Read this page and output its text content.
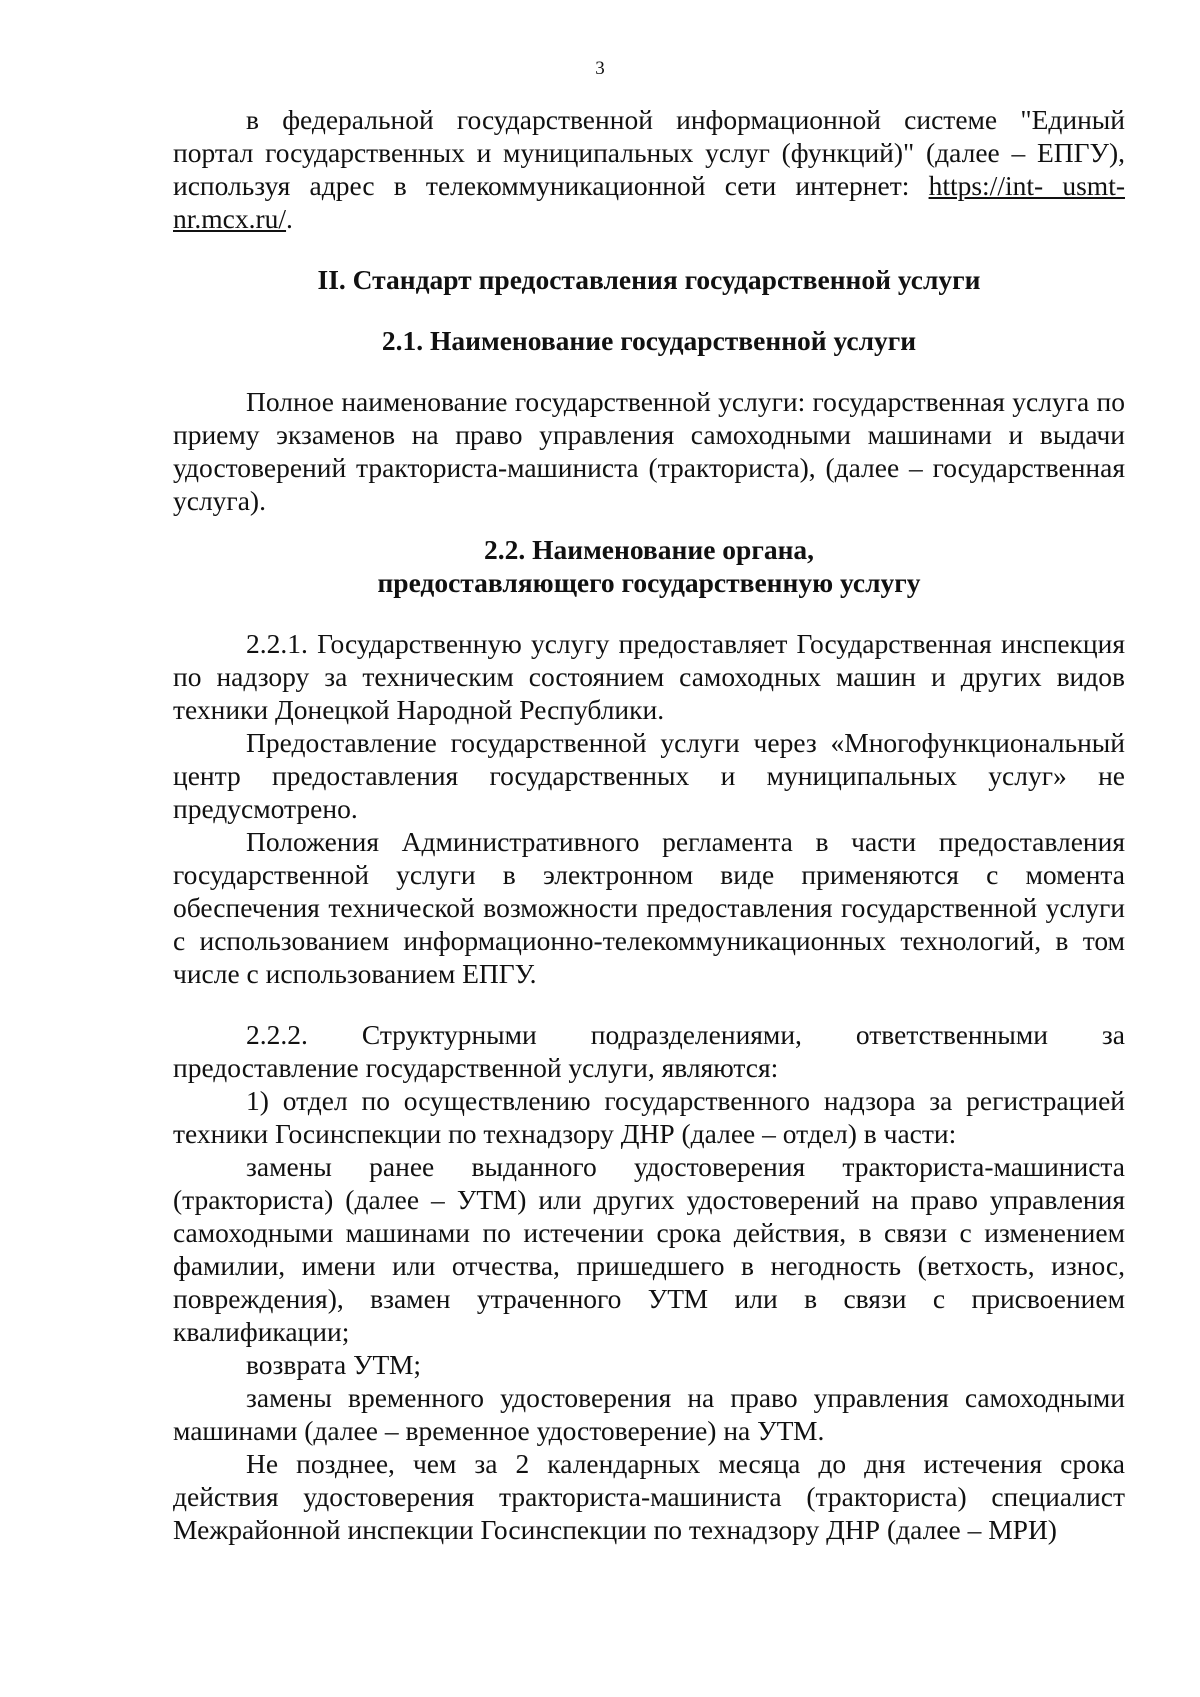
3

в федеральной государственной информационной системе "Единый портал государственных и муниципальных услуг (функций)" (далее – ЕПГУ), используя адрес в телекоммуникационной сети интернет: https://int- usmt-nr.mcx.ru/.

II. Стандарт предоставления государственной услуги
2.1. Наименование государственной услуги

Полное наименование государственной услуги: государственная услуга по приему экзаменов на право управления самоходными машинами и выдачи удостоверений тракториста-машиниста (тракториста), (далее – государственная услуга).

2.2. Наименование органа,
предоставляющего государственную услугу

2.2.1. Государственную услугу предоставляет Государственная инспекция по надзору за техническим состоянием самоходных машин и других видов техники Донецкой Народной Республики.

Предоставление государственной услуги через «Многофункциональный центр предоставления государственных и муниципальных услуг» не предусмотрено.

Положения Административного регламента в части предоставления государственной услуги в электронном виде применяются с момента обеспечения технической возможности предоставления государственной услуги с использованием информационно-телекоммуникационных технологий, в том числе с использованием ЕПГУ.

2.2.2. Структурными подразделениями, ответственными за предоставление государственной услуги, являются:

1) отдел по осуществлению государственного надзора за регистрацией техники Госинспекции по технадзору ДНР (далее – отдел) в части:

замены ранее выданного удостоверения тракториста-машиниста (тракториста) (далее – УТМ) или других удостоверений на право управления самоходными машинами по истечении срока действия, в связи с изменением фамилии, имени или отчества, пришедшего в негодность (ветхость, износ, повреждения), взамен утраченного УТМ или в связи с присвоением квалификации;

возврата УТМ;

замены временного удостоверения на право управления самоходными машинами (далее – временное удостоверение) на УТМ.

Не позднее, чем за 2 календарных месяца до дня истечения срока действия удостоверения тракториста-машиниста (тракториста) специалист Межрайонной инспекции Госинспекции по технадзору ДНР (далее – МРИ)
